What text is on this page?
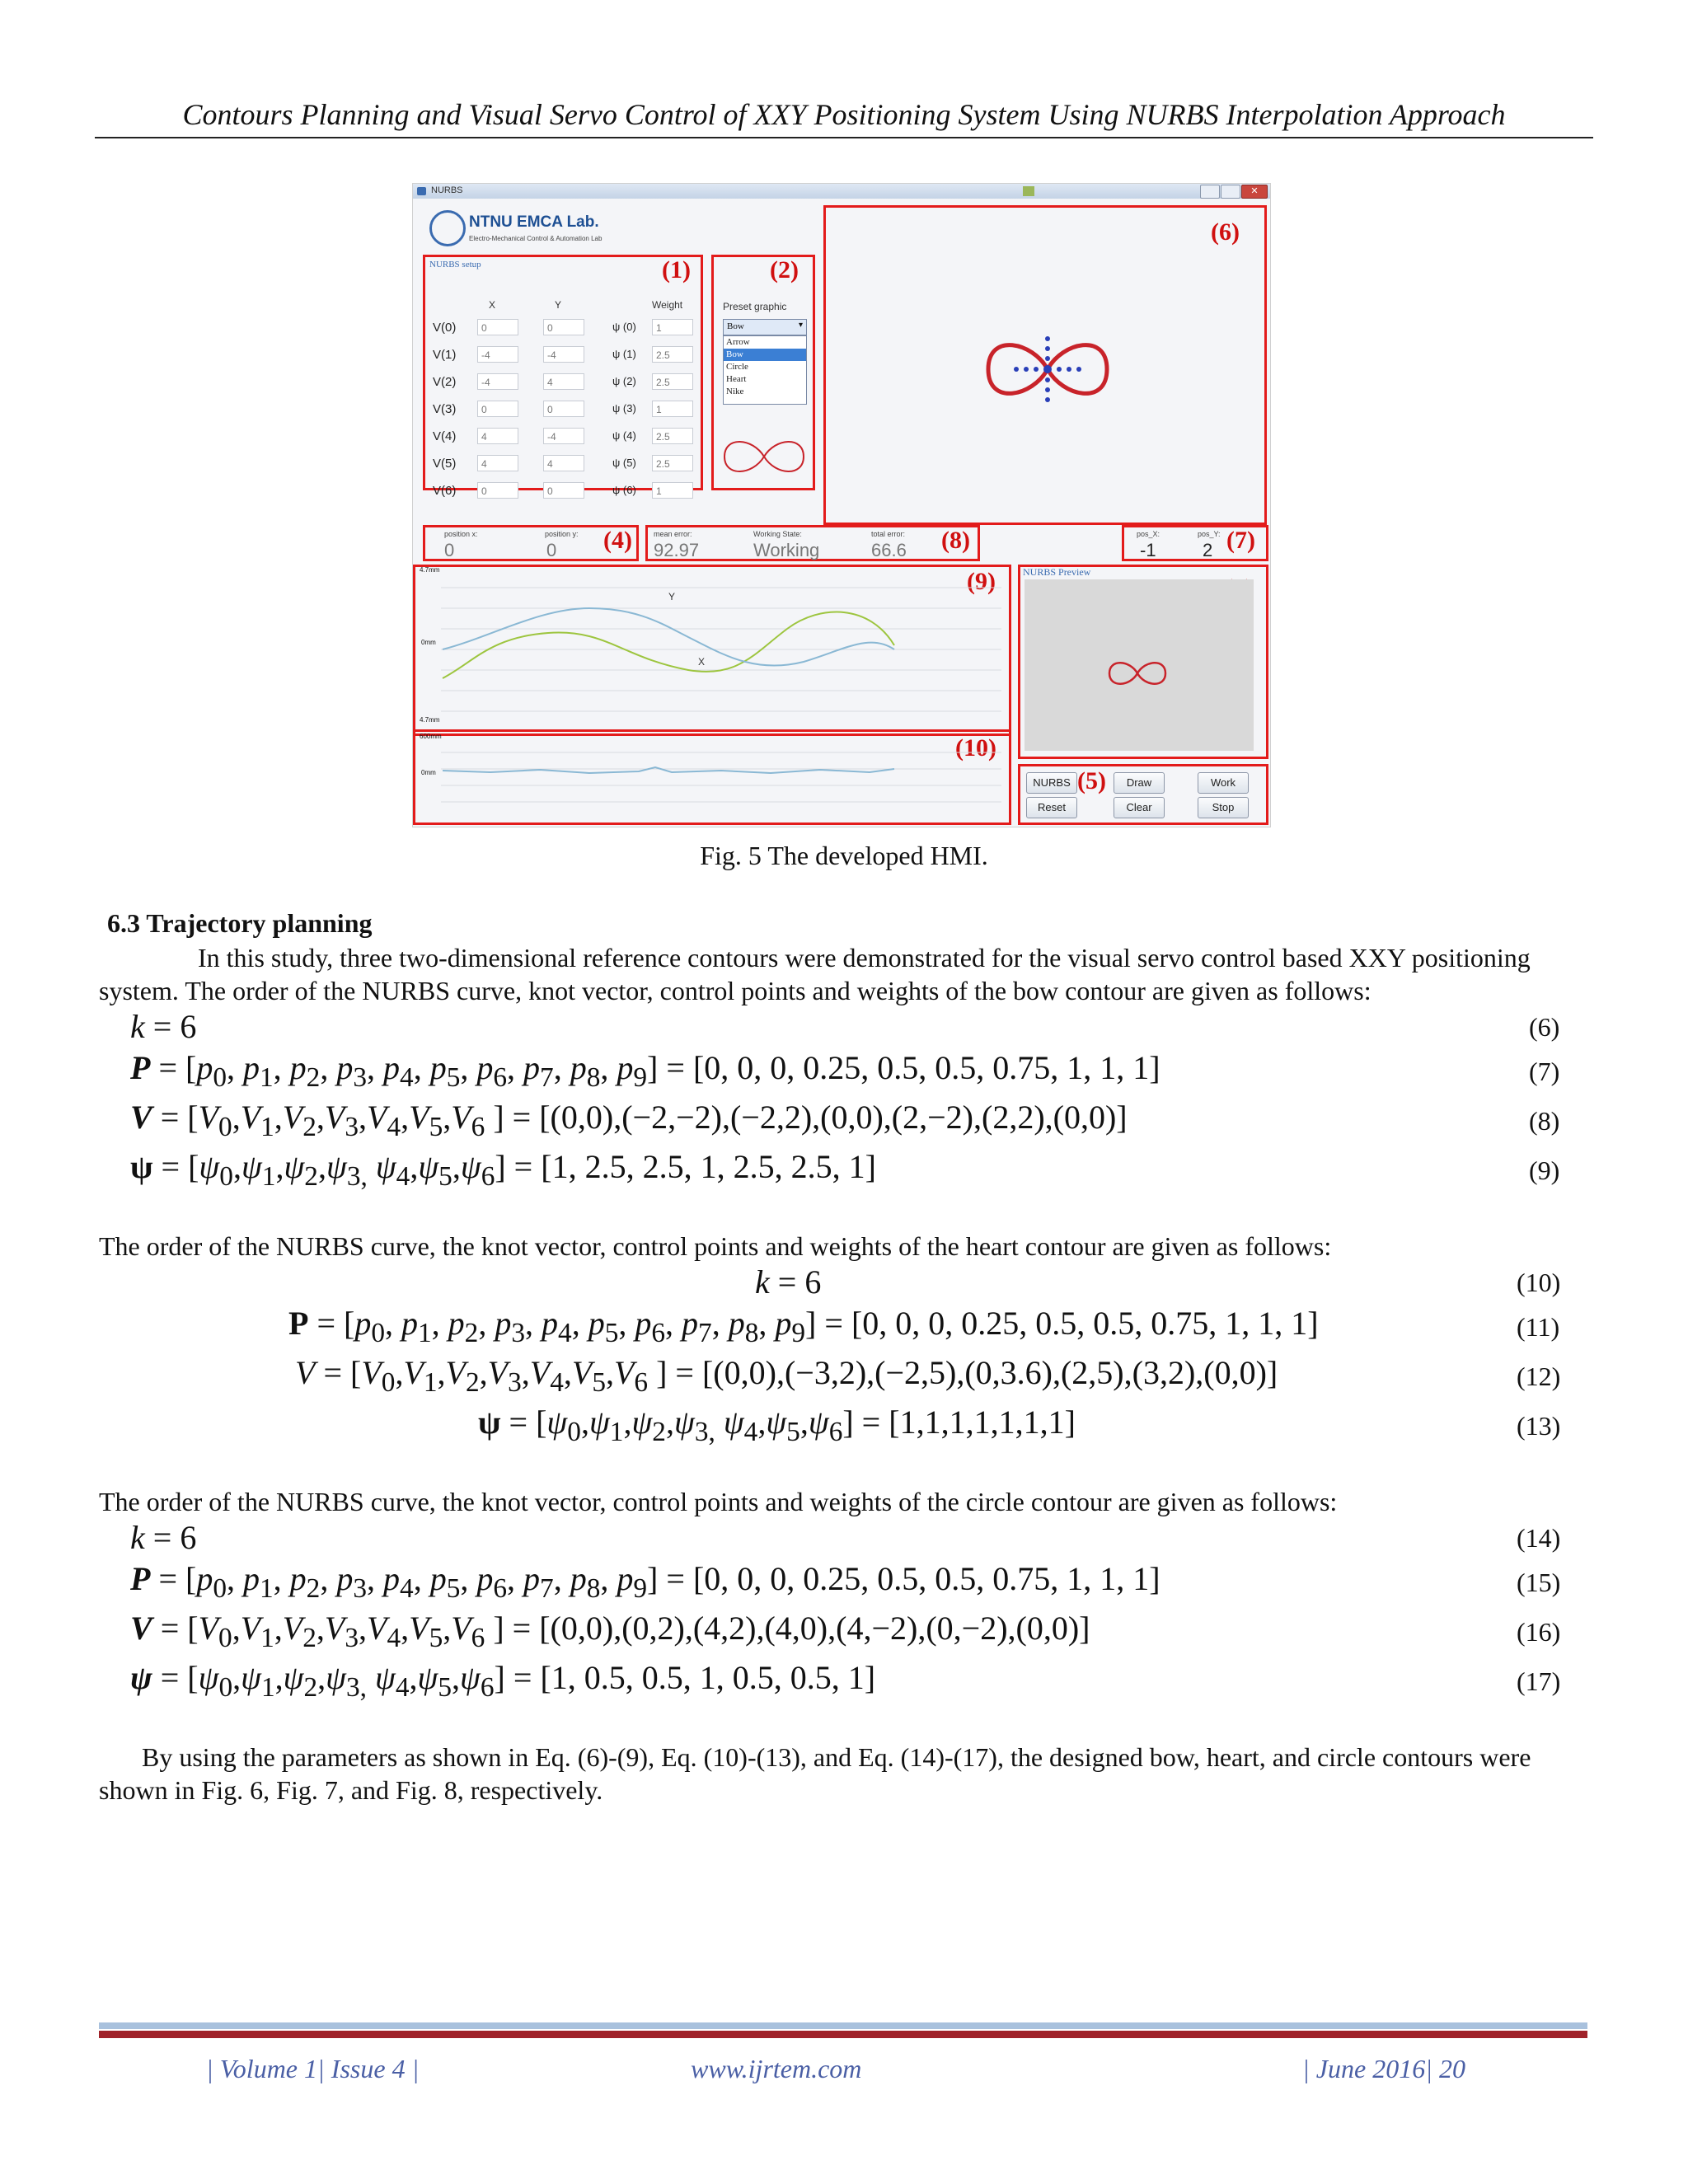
Contours Planning and Visual Servo Control of XXY Positioning System Using NURBS Interpolation Approach
NURBS	✕
NTNU EMCA Lab.
Electro-Mechanical Control & Automation Lab
NURBS setup	(1)
X	Y	Weight
(2)
Preset graphic
Bow	▾
Arrow
Bow
Circle
Heart
Nike
(6)
position x:
0
position y:
0 (4)	mean error:
92.97
Working State:
Working
total error:
66.6 (8)	pos_X:
-1
pos_Y:
2 (7)
(9)
4.7mm
0mm
4.7mm
Y
X
(10)
600mm
0mm
NURBS Preview
NURBS (5)	Draw	Work
Reset	Clear	Stop
V(0)	0	0	ψ (0)	1
V(1)	-4	-4	ψ (1)	2.5
V(2)	-4	4	ψ (2)	2.5
V(3)	0	0	ψ (3)	1
V(4)	4	-4	ψ (4)	2.5
V(5)	4	4	ψ (5)	2.5
V(6)	0	0	ψ (6)	1
Fig. 5 The developed HMI.
6.3 Trajectory planning
In this study, three two-dimensional reference contours were demonstrated for the visual servo control based XXY positioning
system. The order of the NURBS curve, knot vector, control points and weights of the bow contour are given as follows:
k = 6	(6)
$P = [p_0$, $p_1$, $p_2$, $p_3$, $p_4$, $p_5$, $p_6$, $p_7$, $p_8$, $p_9] = [0$, 0, 0, 0.25, 0.5, 0.5, 0.75, 1, 1, 1]	(7)
$V = [V_0,V_1,V_2,V_3,V_4,V_5,V_6$ ] = [(0,0),(−2,−2),(−2,2),(0,0),(2,−2),(2,2),(0,0)]	(8)
$\psi = [\psi_0,\psi_1,\psi_2,\psi_{3,}$ $\psi_4,\psi_5,\psi_6] = [1$, 2.5, 2.5, 1, 2.5, 2.5, 1]	(9)
The order of the NURBS curve, the knot vector, control points and weights of the heart contour are given as follows:
k = 6	(10)
$P = [p_0$, $p_1$, $p_2$, $p_3$, $p_4$, $p_5$, $p_6$, $p_7$, $p_8$, $p_9] = [0$, 0, 0, 0.25, 0.5, 0.5, 0.75, 1, 1, 1]	(11)
$V = [V_0,V_1,V_2,V_3,V_4,V_5,V_6$ ] = [(0,0),(−3,2),(−2,5),(0,3.6),(2,5),(3,2),(0,0)]	(12)
$\psi = [\psi_0,\psi_1,\psi_2,\psi_{3,}$ $\psi_4,\psi_5,\psi_6] = [1,1,1,1,1,1,1]$	(13)
The order of the NURBS curve, the knot vector, control points and weights of the circle contour are given as follows:
k = 6	(14)
$P = [p_0$, $p_1$, $p_2$, $p_3$, $p_4$, $p_5$, $p_6$, $p_7$, $p_8$, $p_9] = [0$, 0, 0, 0.25, 0.5, 0.5, 0.75, 1, 1, 1]	(15)
$V = [V_0,V_1,V_2,V_3,V_4,V_5,V_6$ ] = [(0,0),(0,2),(4,2),(4,0),(4,−2),(0,−2),(0,0)]	(16)
$\psi = [\psi_0,\psi_1,\psi_2,\psi_{3,}$ $\psi_4,\psi_5,\psi_6] = [1$, 0.5, 0.5, 1, 0.5, 0.5, 1]	(17)
By using the parameters as shown in Eq. (6)-(9), Eq. (10)-(13), and Eq. (14)-(17), the designed bow, heart, and circle contours were
shown in Fig. 6, Fig. 7, and Fig. 8, respectively.
| Volume 1| Issue 4 |	www.ijrtem.com	| June 2016| 20
